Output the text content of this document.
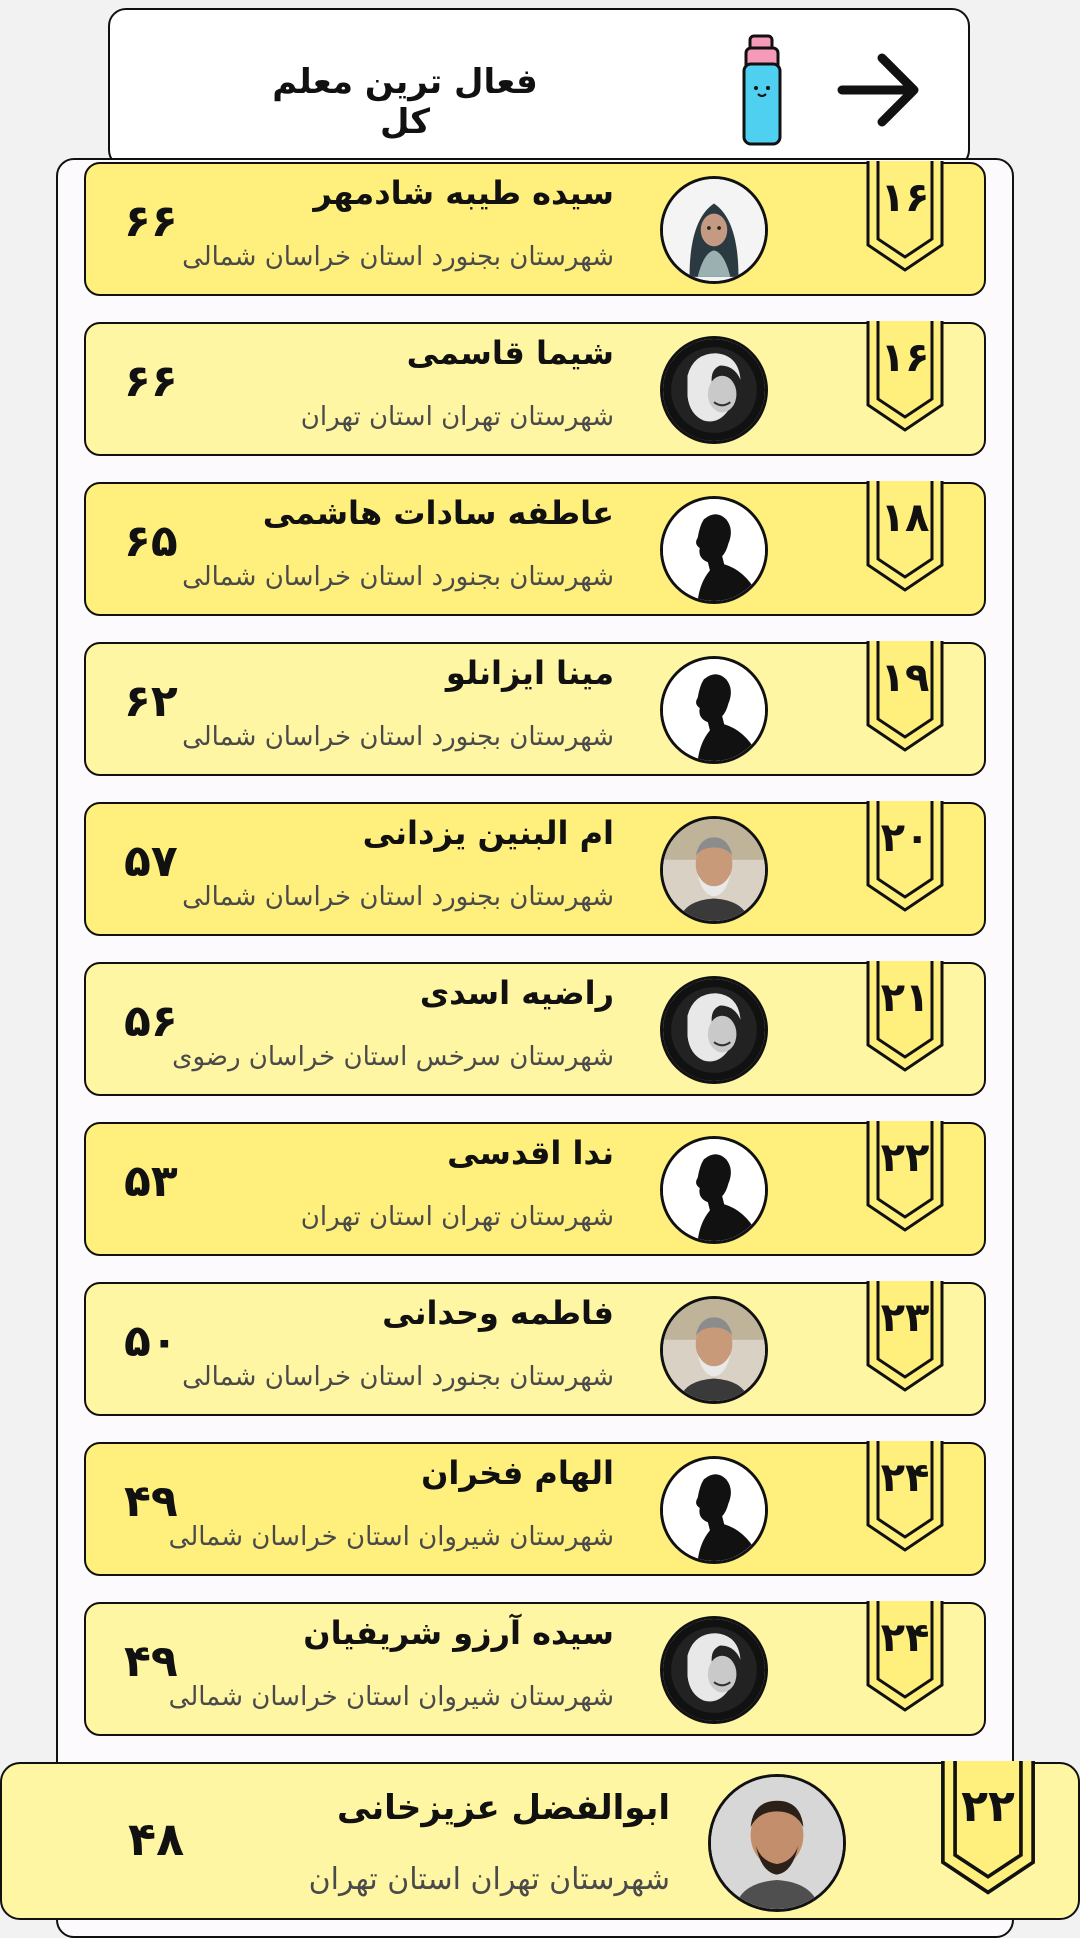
فعال ترین معلم کل
۱۶
سیده طیبه شادمهر
شهرستان بجنورد استان خراسان شمالی
۶۶
۱۶
شیما قاسمی
شهرستان تهران استان تهران
۶۶
۱۸
عاطفه سادات هاشمی
شهرستان بجنورد استان خراسان شمالی
۶۵
۱۹
مینا ایزانلو
شهرستان بجنورد استان خراسان شمالی
۶۲
۲۰
ام البنین یزدانی
شهرستان بجنورد استان خراسان شمالی
۵۷
۲۱
راضیه اسدی
شهرستان سرخس استان خراسان رضوی
۵۶
۲۲
ندا اقدسی
شهرستان تهران استان تهران
۵۳
۲۳
فاطمه وحدانی
شهرستان بجنورد استان خراسان شمالی
۵۰
۲۴
الهام فخران
شهرستان شیروان استان خراسان شمالی
۴۹
۲۴
سیده آرزو شریفیان
شهرستان شیروان استان خراسان شمالی
۴۹
۲۲
ابوالفضل عزیزخانی
شهرستان تهران استان تهران
۴۸
